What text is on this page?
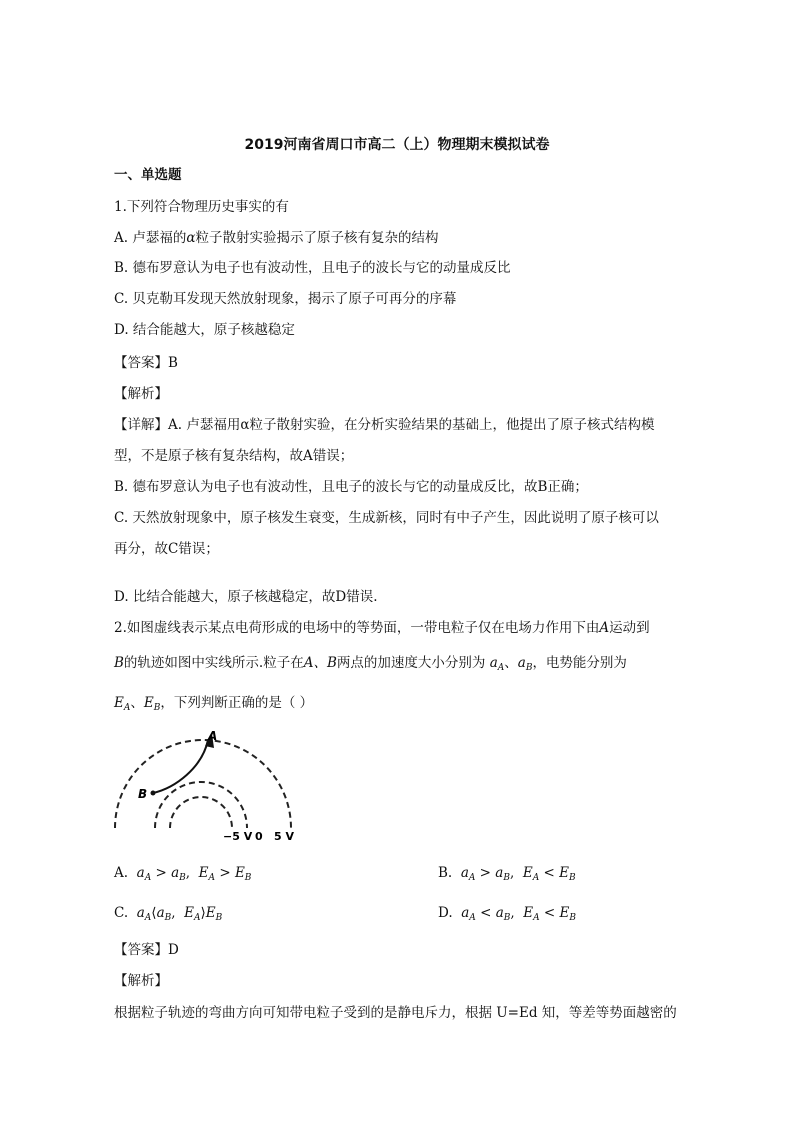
2019河南省周口市高二（上）物理期末模拟试卷
一、单选题
1.下列符合物理历史事实的有
A. 卢瑟福的α粒子散射实验揭示了原子核有复杂的结构
B. 德布罗意认为电子也有波动性，且电子的波长与它的动量成反比
C. 贝克勒耳发现天然放射现象，揭示了原子可再分的序幕
D. 结合能越大，原子核越稳定
【答案】B
【解析】
【详解】A. 卢瑟福用α粒子散射实验，在分析实验结果的基础上，他提出了原子核式结构模
型，不是原子核有复杂结构，故A错误；
B. 德布罗意认为电子也有波动性，且电子的波长与它的动量成反比，故B正确；
C. 天然放射现象中，原子核发生衰变，生成新核，同时有中子产生，因此说明了原子核可以
再分，故C错误；
D. 比结合能越大，原子核越稳定，故D错误.
2.如图虚线表示某点电荷形成的电场中的等势面，一带电粒子仅在电场力作用下由A运动到
B的轨迹如图中实线所示.粒子在A、B两点的加速度大小分别为 $a_A$、$a_B$，电势能分别为
$E_A$、$E_B$，下列判断正确的是（ ）
A
B
−5 V 0 5 V
A. $a_A > a_B$,  $E_A > E_B$	B. $a_A > a_B$,  $E_A < E_B$
C. $a_A⟨a_B$,  $E_A⟩E_B$	D. $a_A < a_B$,  $E_A < E_B$
【答案】D
【解析】
根据粒子轨迹的弯曲方向可知带电粒子受到的是静电斥力，根据 U=Ed 知，等差等势面越密的
